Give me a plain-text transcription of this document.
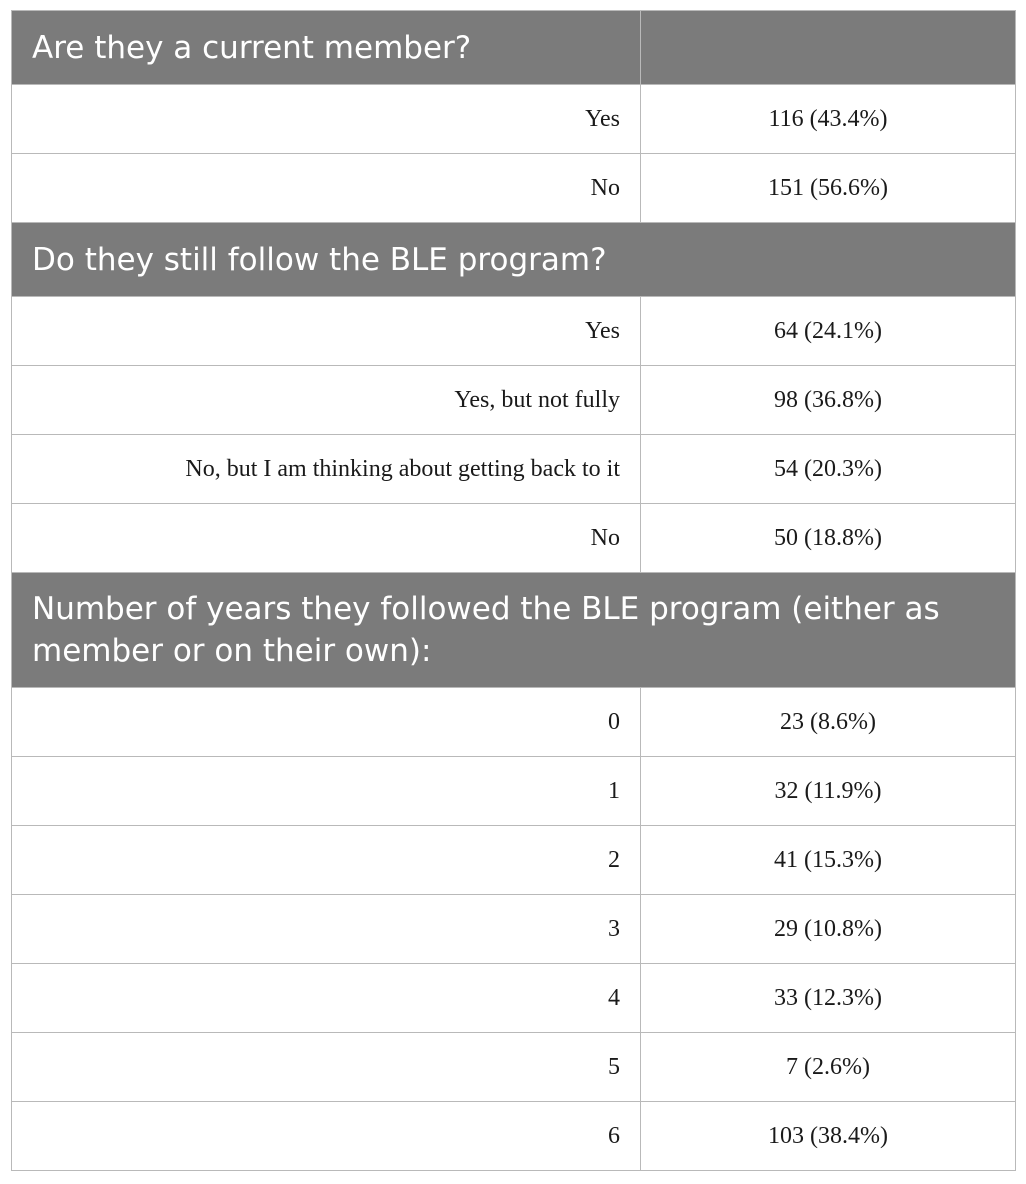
Are they a current member?	
Yes	116 (43.4%)
No	151 (56.6%)
Do they still follow the BLE program?	
Yes	64 (24.1%)
Yes, but not fully	98 (36.8%)
No, but I am thinking about getting back to it	54 (20.3%)
No	50 (18.8%)
Number of years they followed the BLE program (either as member or on their own):	
0	23 (8.6%)
1	32 (11.9%)
2	41 (15.3%)
3	29 (10.8%)
4	33 (12.3%)
5	7 (2.6%)
6	103 (38.4%)
